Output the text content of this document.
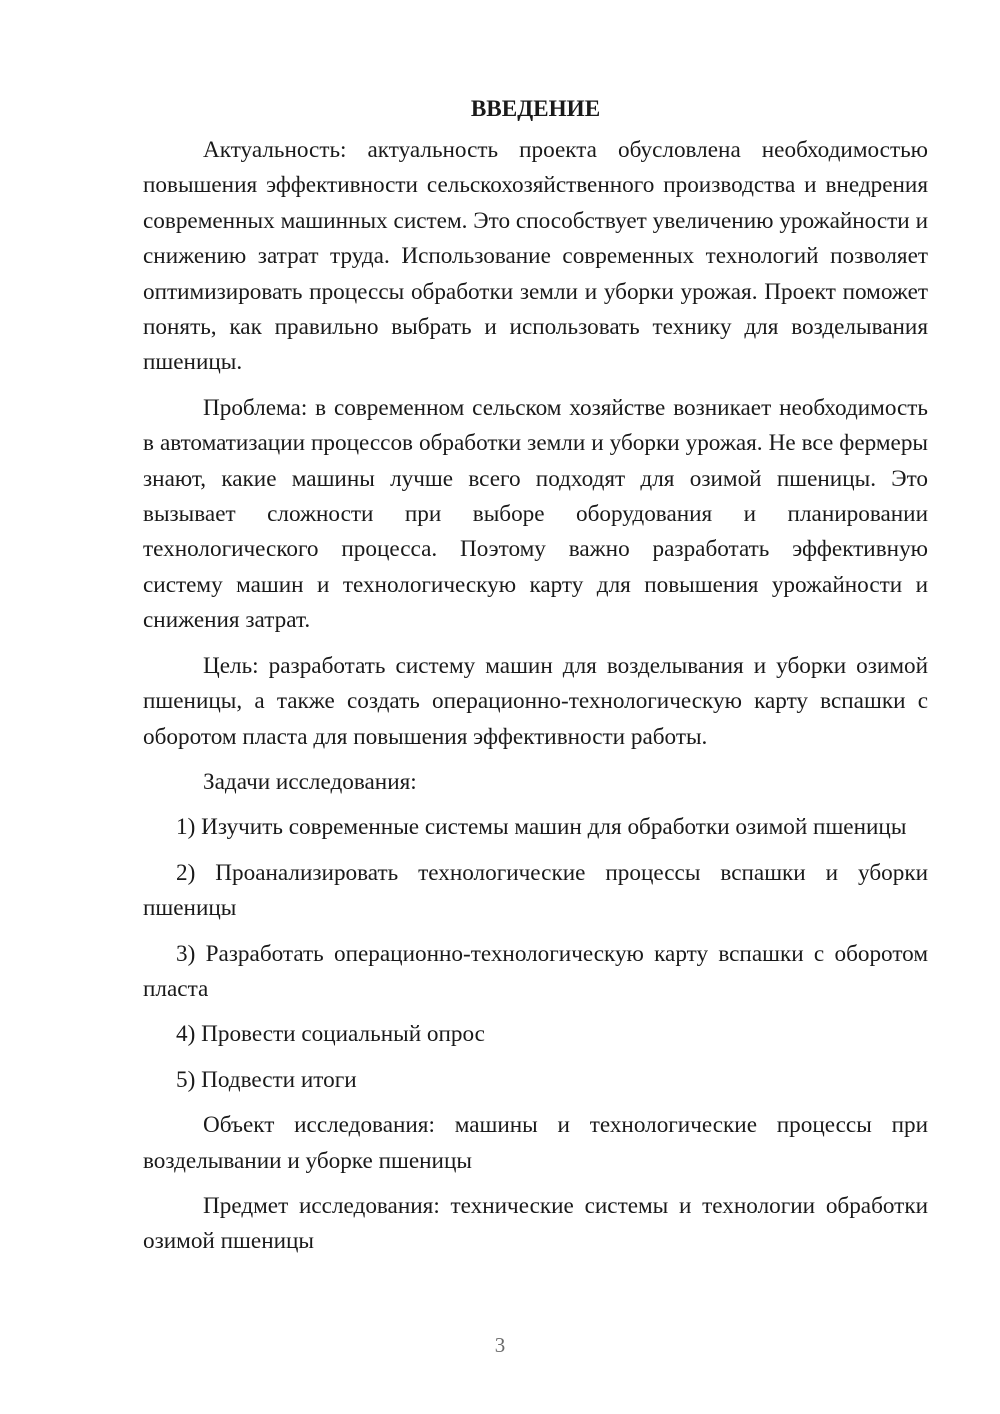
ВВЕДЕНИЕ

Актуальность: актуальность проекта обусловлена необходимостью повышения эффективности сельскохозяйственного производства и внедрения современных машинных систем. Это способствует увеличению урожайности и снижению затрат труда. Использование современных технологий позволяет оптимизировать процессы обработки земли и уборки урожая. Проект поможет понять, как правильно выбрать и использовать технику для возделывания пшеницы.

Проблема: в современном сельском хозяйстве возникает необходимость в автоматизации процессов обработки земли и уборки урожая. Не все фермеры знают, какие машины лучше всего подходят для озимой пшеницы. Это вызывает сложности при выборе оборудования и планировании технологического процесса. Поэтому важно разработать эффективную систему машин и технологическую карту для повышения урожайности и снижения затрат.

Цель: разработать систему машин для возделывания и уборки озимой пшеницы, а также создать операционно-технологическую карту вспашки с оборотом пласта для повышения эффективности работы.

Задачи исследования:

1) Изучить современные системы машин для обработки озимой пшеницы

2) Проанализировать технологические процессы вспашки и уборки пшеницы

3) Разработать операционно-технологическую карту вспашки с оборотом пласта

4) Провести социальный опрос

5) Подвести итоги

Объект исследования: машины и технологические процессы при возделывании и уборке пшеницы

Предмет исследования: технические системы и технологии обработки озимой пшеницы

3
